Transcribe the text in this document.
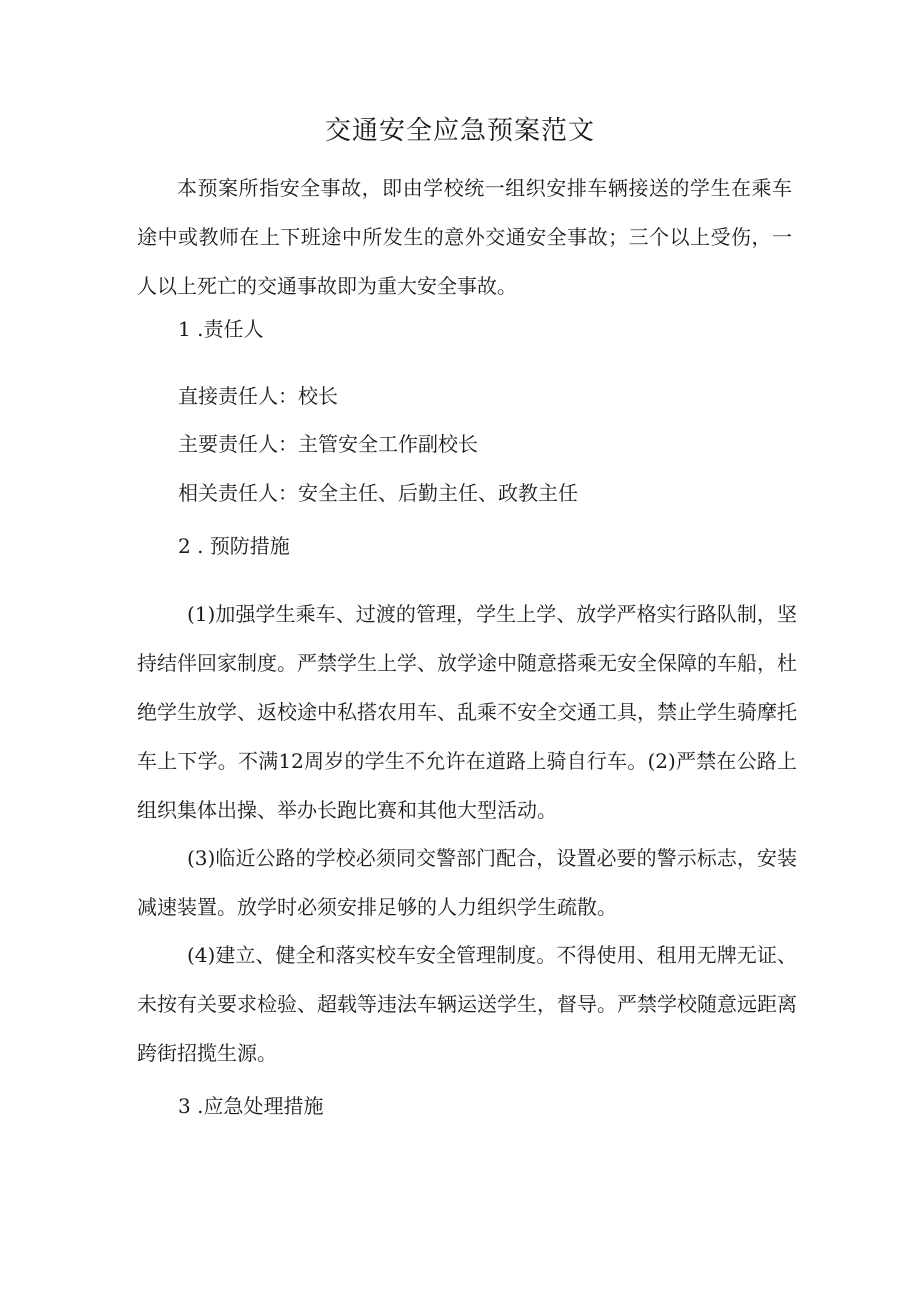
交通安全应急预案范文

本预案所指安全事故，即由学校统一组织安排车辆接送的学生在乘车途中或教师在上下班途中所发生的意外交通安全事故；三个以上受伤，一人以上死亡的交通事故即为重大安全事故。

1 .责任人

直接责任人：校长

主要责任人：主管安全工作副校长

相关责任人：安全主任、后勤主任、政教主任

2 . 预防措施

(1)加强学生乘车、过渡的管理，学生上学、放学严格实行路队制，坚持结伴回家制度。严禁学生上学、放学途中随意搭乘无安全保障的车船，杜绝学生放学、返校途中私搭农用车、乱乘不安全交通工具，禁止学生骑摩托车上下学。不满12周岁的学生不允许在道路上骑自行车。(2)严禁在公路上组织集体出操、举办长跑比赛和其他大型活动。

(3)临近公路的学校必须同交警部门配合，设置必要的警示标志，安装减速装置。放学时必须安排足够的人力组织学生疏散。

(4)建立、健全和落实校车安全管理制度。不得使用、租用无牌无证、未按有关要求检验、超载等违法车辆运送学生，督导。严禁学校随意远距离跨街招揽生源。

3 .应急处理措施
